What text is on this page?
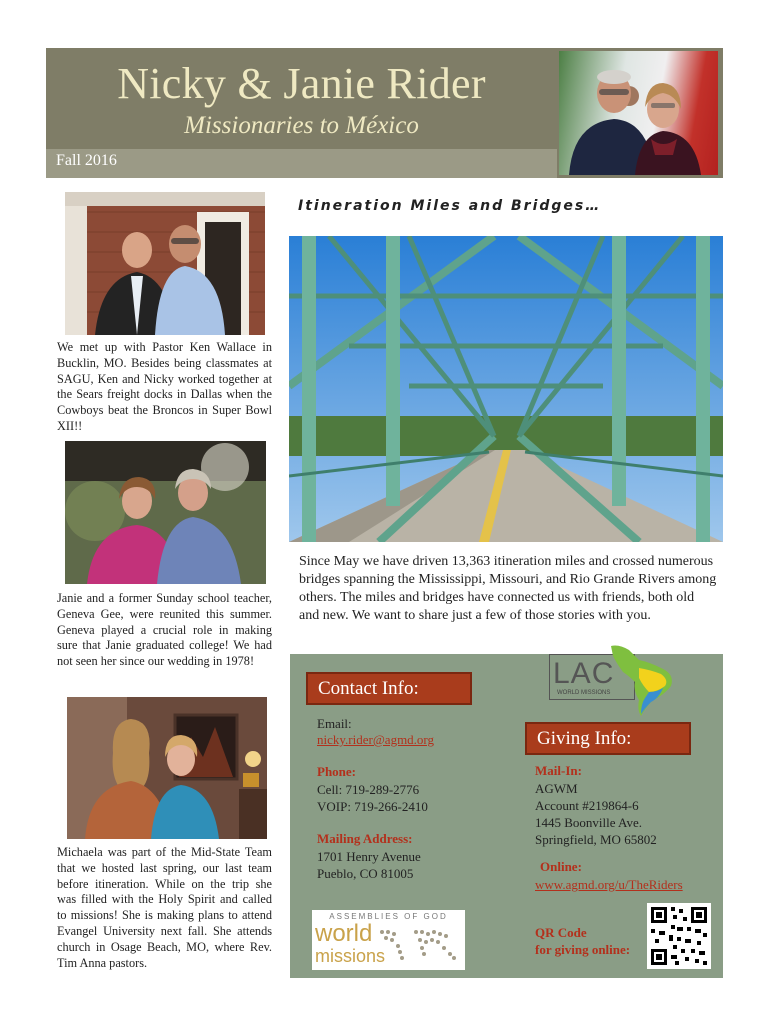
Nicky & Janie Rider
Missionaries to México
Fall 2016
We met up with Pastor Ken Wallace in Bucklin, MO. Besides being classmates at SAGU, Ken and Nicky worked together at the Sears freight docks in Dallas when the Cowboys beat the Broncos in Super Bowl XII!!
Janie and a former Sunday school teacher, Geneva Gee, were reunited this summer. Geneva played a crucial role in making sure that Janie graduated college! We had not seen her since our wedding in 1978!
Michaela was part of the Mid-State Team that we hosted last spring, our last team before itineration. While on the trip she was filled with the Holy Spirit and called to missions! She is making plans to attend Evangel University next fall. She attends church in Osage Beach, MO, where Rev. Tim Anna pastors.
Itineration Miles and Bridges…
Since May we have driven 13,363 itineration miles and crossed numerous bridges spanning the Mississippi, Missouri, and Rio Grande Rivers among others. The miles and bridges have connected us with friends, both old and new. We want to share just a few of those stories with you.
LAC
WORLD MISSIONS
Contact Info:
Email:
nicky.rider@agmd.org
Phone:
Cell: 719-289-2776
VOIP: 719-266-2410
Mailing Address:
1701 Henry Avenue
Pueblo, CO 81005
ASSEMBLIES OF GOD
world
missions
Giving Info:
Mail-In:
AGWM
Account #219864-6
1445 Boonville Ave.
Springfield, MO 65802
Online:
www.agmd.org/u/TheRiders
QR Code
for giving online:
